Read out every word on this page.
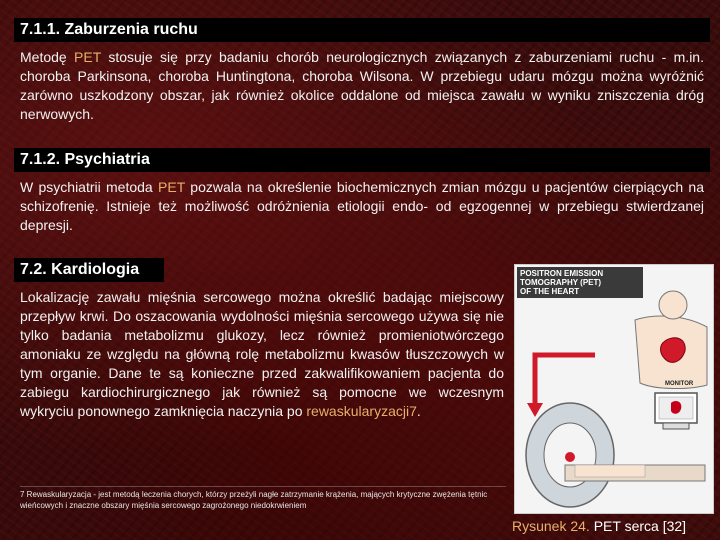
7.1.1. Zaburzenia ruchu
Metodę PET stosuje się przy badaniu chorób neurologicznych związanych z zaburzeniami ruchu - m.in. choroba Parkinsona, choroba Huntingtona, choroba Wilsona. W przebiegu udaru mózgu można wyróżnić zarówno uszkodzony obszar, jak również okolice oddalone od miejsca zawału w wyniku zniszczenia dróg nerwowych.
7.1.2. Psychiatria
W psychiatrii metoda PET pozwala na określenie biochemicznych zmian mózgu u pacjentów cierpiących na schizofrenię. Istnieje też możliwość odróżnienia etiologii endo- od egzogennej w przebiegu stwierdzanej depresji.
7.2. Kardiologia
Lokalizację zawału mięśnia sercowego można określić badając miejscowy przepływ krwi. Do oszacowania wydolności mięśnia sercowego używa się nie tylko badania metabolizmu glukozy, lecz również promieniotwórczego amoniaku ze względu na główną rolę metabolizmu kwasów tłuszczowych w tym organie. Dane te są konieczne przed zakwalifikowaniem pacjenta do zabiegu kardiochirurgicznego jak również są pomocne we wczesnym wykryciu ponownego zamknięcia naczynia po rewaskularyzacji7.
POSITRON EMISSION
TOMOGRAPHY (PET)
OF THE HEART
MONITOR
7 Rewaskularyzacja - jest metodą leczenia chorych, którzy przeżyli nagłe zatrzymanie krążenia, mających krytyczne zwężenia tętnic wieńcowych i znaczne obszary mięśnia sercowego zagrożonego niedokrwieniem
Rysunek 24. PET serca [32]
